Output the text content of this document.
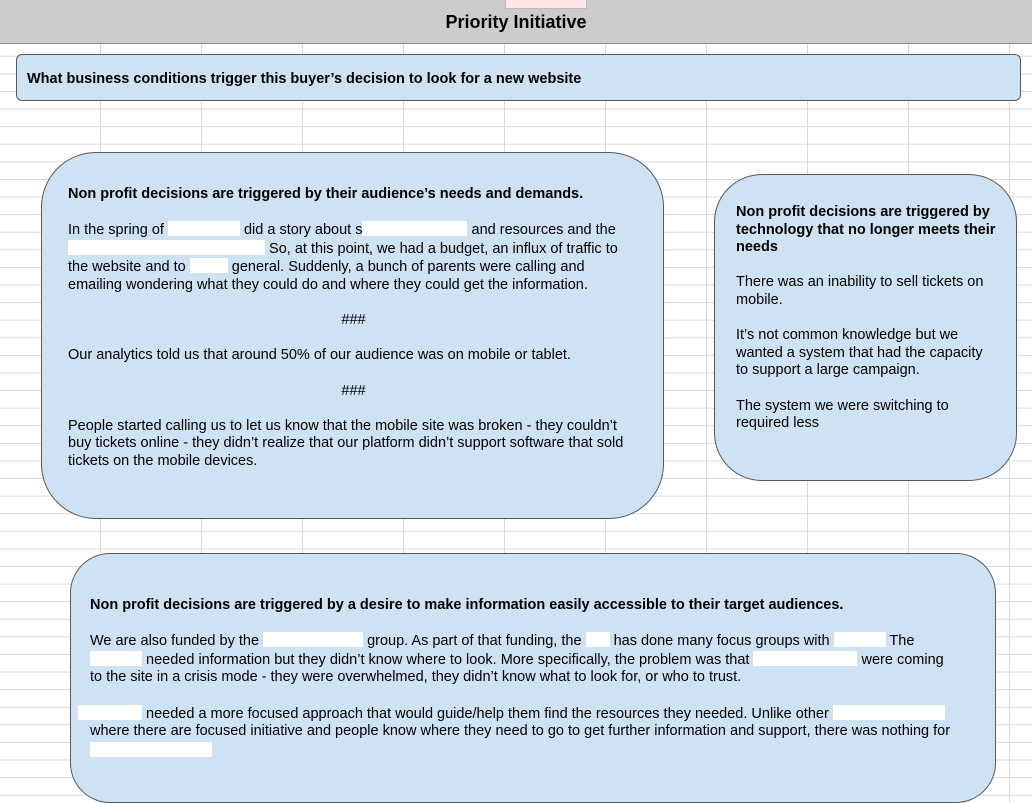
Priority Initiative

What business conditions trigger this buyer’s decision to look for a new website

Non profit decisions are triggered by their audience’s needs and demands.

In the spring of	did a story about s	and resources and the
So, at this point, we had a budget, an influx of traffic to
the website and to	general. Suddenly, a bunch of parents were calling and
emailing wondering what they could do and where they could get the information.

###

Our analytics told us that around 50% of our audience was on mobile or tablet.

###

People started calling us to let us know that the mobile site was broken - they couldn’t buy tickets online - they didn’t realize that our platform didn’t support software that sold tickets on the mobile devices.

Non profit decisions are triggered by technology that no longer meets their needs

There was an inability to sell tickets on mobile.

It’s not common knowledge but we wanted a system that had the capacity to support a large campaign.

The system we were switching to required less

Non profit decisions are triggered by a desire to make information easily accessible to their target audiences.

We are also funded by the	group. As part of that funding, the  has done many focus groups with	The
needed information but they didn’t know where to look. More specifically, the problem was that	were coming
to the site in a crisis mode - they were overwhelmed, they didn’t know what to look for, or who to trust.

needed a more focused approach that would guide/help them find the resources they needed. Unlike other

where there are focused initiative and people know where they need to go to get further information and support, there was nothing for
